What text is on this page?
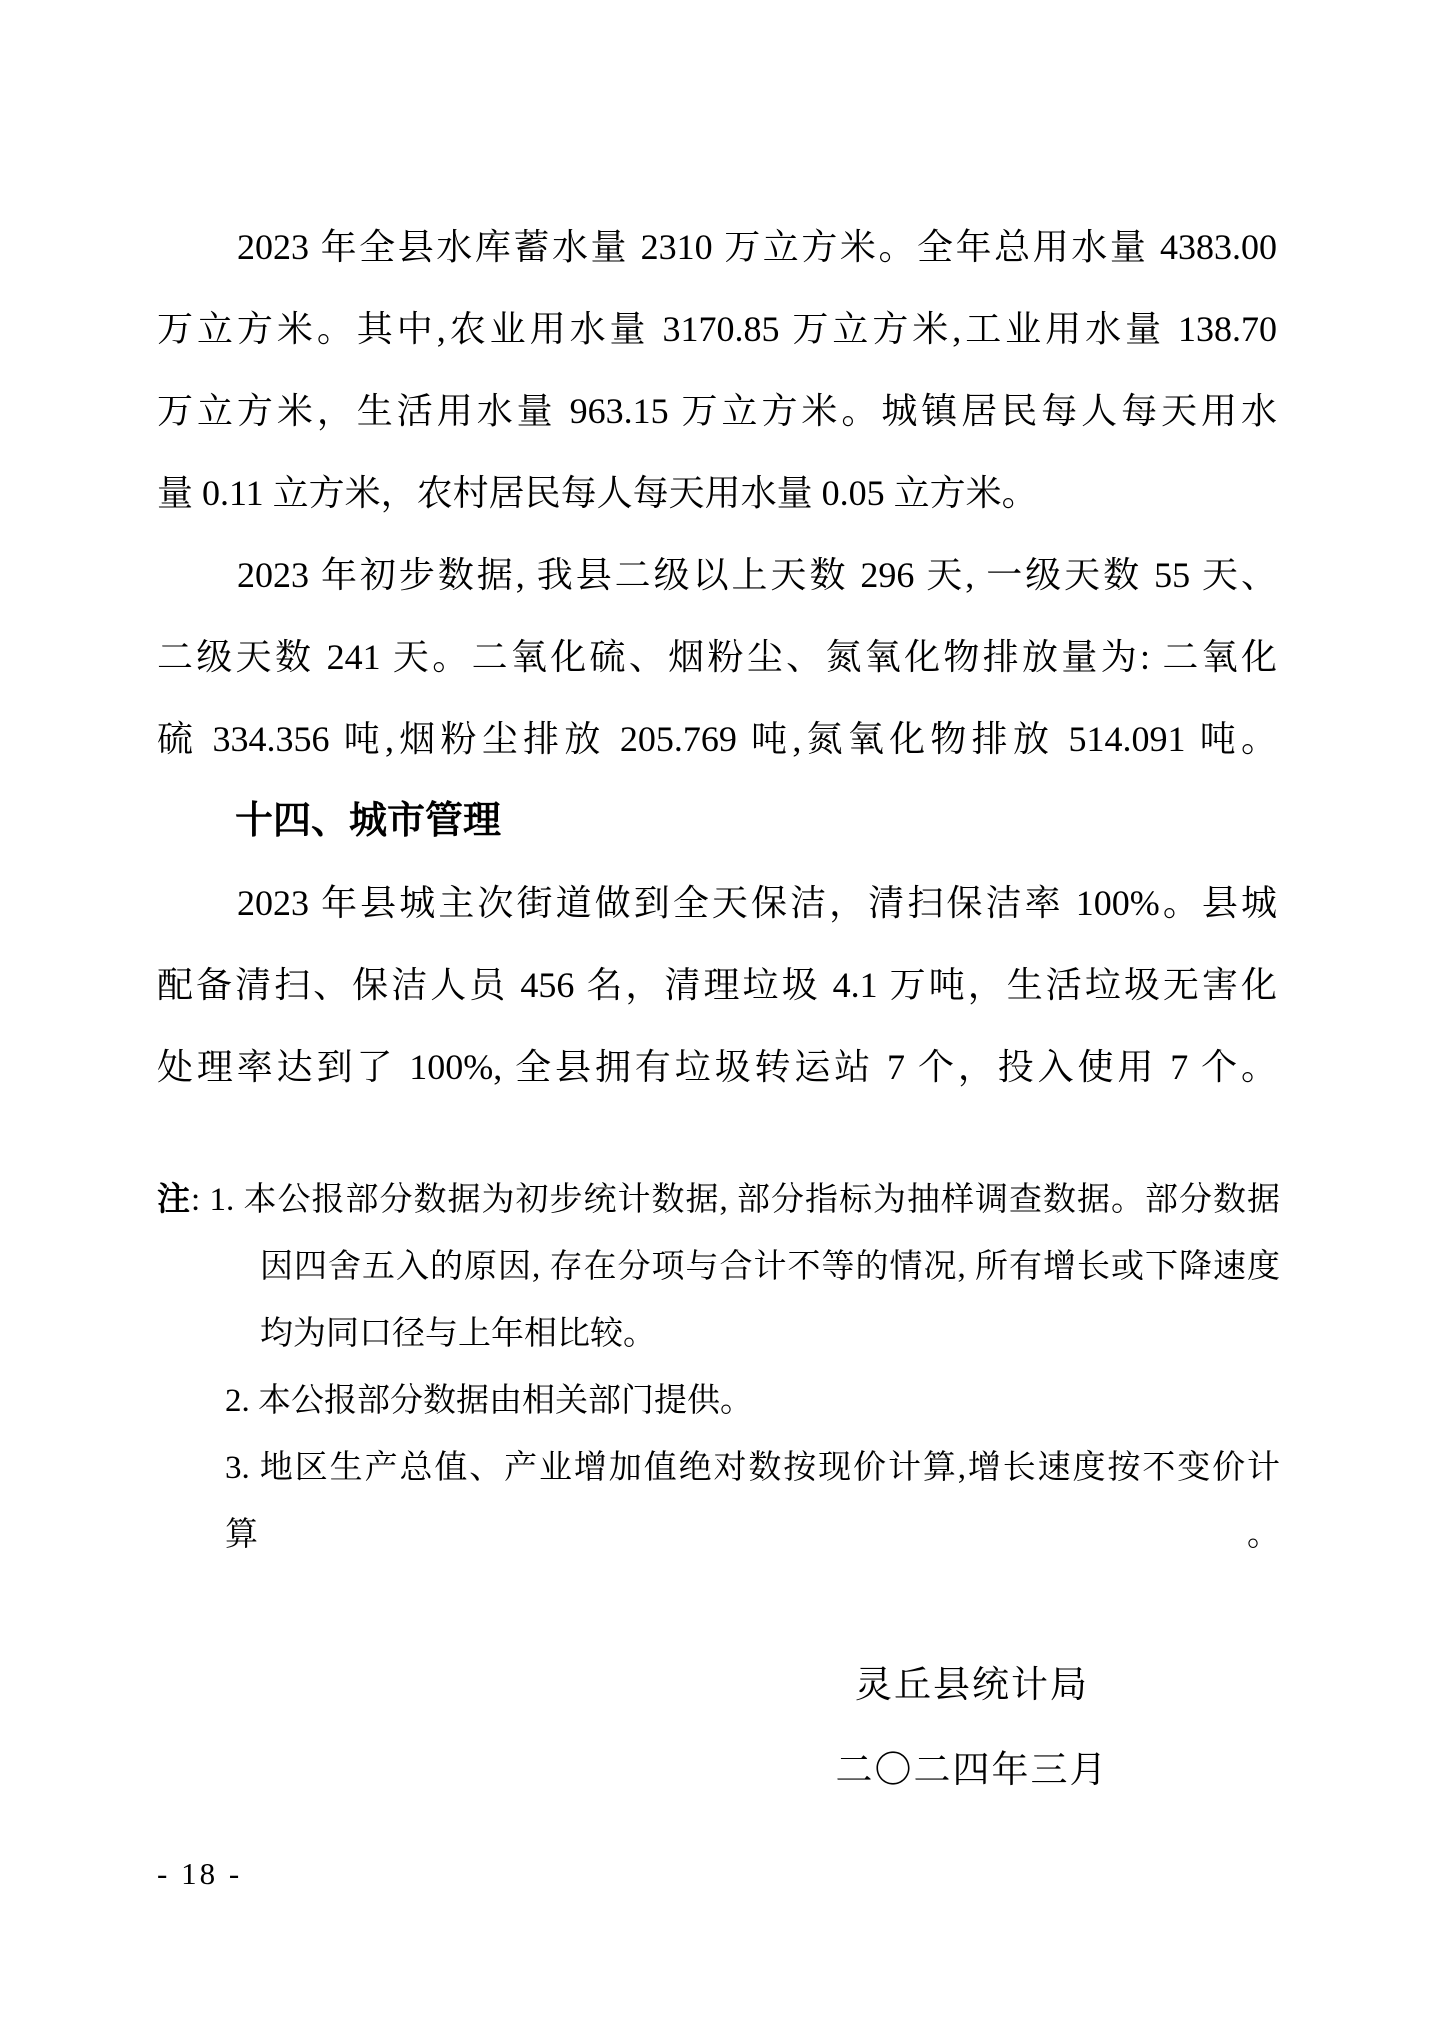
2023 年全县水库蓄水量 2310 万立方米。全年总用水量 4383.00
万立方米。其中,农业用水量 3170.85 万立方米,工业用水量 138.70
万立方米，生活用水量 963.15 万立方米。城镇居民每人每天用水
量 0.11 立方米，农村居民每人每天用水量 0.05 立方米。
2023 年初步数据, 我县二级以上天数 296 天, 一级天数 55 天、
二级天数 241 天。二氧化硫、烟粉尘、氮氧化物排放量为: 二氧化
硫 334.356 吨,烟粉尘排放 205.769 吨,氮氧化物排放 514.091 吨。
十四、城市管理
2023 年县城主次街道做到全天保洁，清扫保洁率 100%。县城
配备清扫、保洁人员 456 名，清理垃圾 4.1 万吨，生活垃圾无害化
处理率达到了 100%, 全县拥有垃圾转运站 7 个，投入使用 7 个。
注: 1. 本公报部分数据为初步统计数据, 部分指标为抽样调查数据。部分数据
因四舍五入的原因, 存在分项与合计不等的情况, 所有增长或下降速度
均为同口径与上年相比较。
2. 本公报部分数据由相关部门提供。
3. 地区生产总值、产业增加值绝对数按现价计算,增长速度按不变价计算。
灵丘县统计局
二〇二四年三月
- 18 -
